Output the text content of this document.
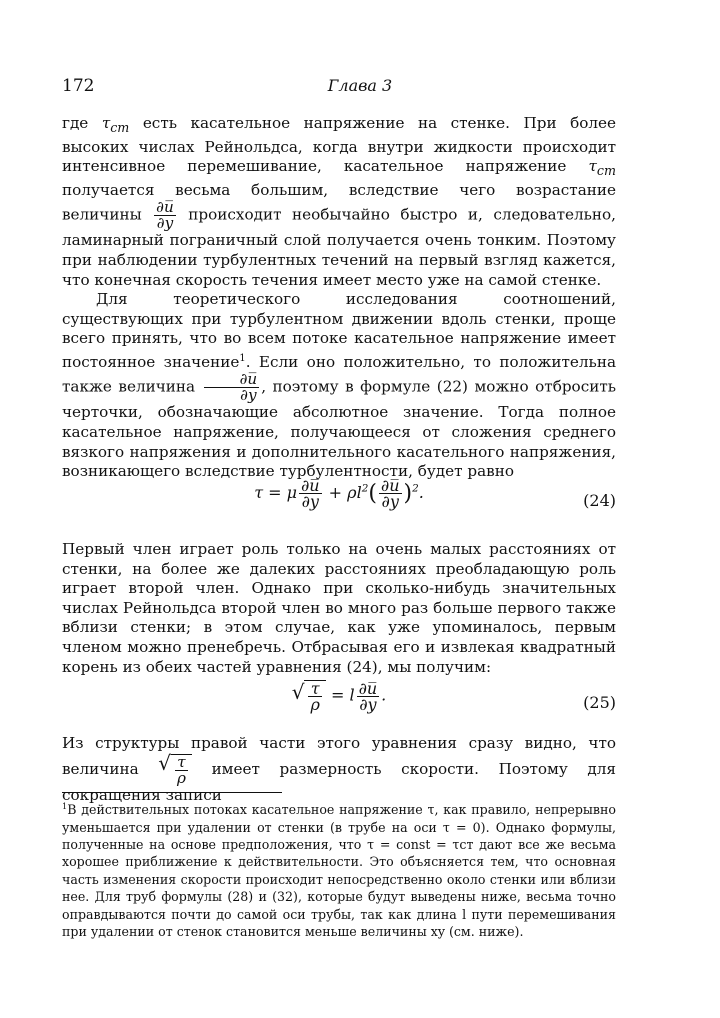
172	Глава 3

где $\tau_{ст}$ есть касательное напряжение на стенке. При более высоких числах Рейнольдса, когда внутри жидкости происходит интенсивное перемешивание, касательное напряжение $\tau_{ст}$ получается весьма большим, вследствие чего возрастание величины $\frac{\partial u̅}{\partial y}$ происходит необычайно быстро и, следовательно, ламинарный пограничный слой получается очень тонким. Поэтому при наблюдении турбулентных течений на первый взгляд кажется, что конечная скорость течения имеет место уже на самой стенке.

Для теоретического исследования соотношений, существующих при турбулентном движении вдоль стенки, проще всего принять, что во всем потоке касательное напряжение имеет постоянное значение$^1$. Если оно положительно, то положительна также величина $\frac{\partial u̅}{\partial y}$ , поэтому в формуле (22) можно отбросить черточки, обозначающие абсолютное значение. Тогда полное касательное напряжение, получающееся от сложения среднего вязкого напряжения и дополнительного касательного напряжения, возникающего вследствие турбулентности, будет равно

τ = μ $\frac{\partial u̅}{\partial y} + \rho l^2( \frac{\partial u̅}{\partial y} )^2$.	(24)

Первый член играет роль только на очень малых расстояниях от стенки, на более же далеких расстояниях преобладающую роль играет второй член. Однако при сколько-нибудь значительных числах Рейнольдса второй член во много раз больше первого также вблизи стенки; в этом случае, как уже упоминалось, первым членом можно пренебречь. Отбрасывая его и извлекая квадратный корень из обеих частей уравнения (24), мы получим:

√ $\frac{\tau}{\rho} = l \frac{\partial u̅}{\partial y}$ .	(25)

Из структуры правой части этого уравнения сразу видно, что величина √ $\frac{\tau}{\rho}$ имеет размерность скорости. Поэтому для сокращения записи

$^1$В действительных потоках касательное напряжение τ, как правило, непрерывно уменьшается при удалении от стенки (в трубе на оси τ = 0). Однако формулы, полученные на основе предположения, что τ = const = τст дают все же весьма хорошее приближение к действительности. Это объясняется тем, что основная часть изменения скорости происходит непосредственно около стенки или вблизи нее. Для труб формулы (28) и (32), которые будут выведены ниже, весьма точно оправдываются почти до самой оси трубы, так как длина l пути перемешивания при удалении от стенок становится меньше величины xy (см. ниже).
